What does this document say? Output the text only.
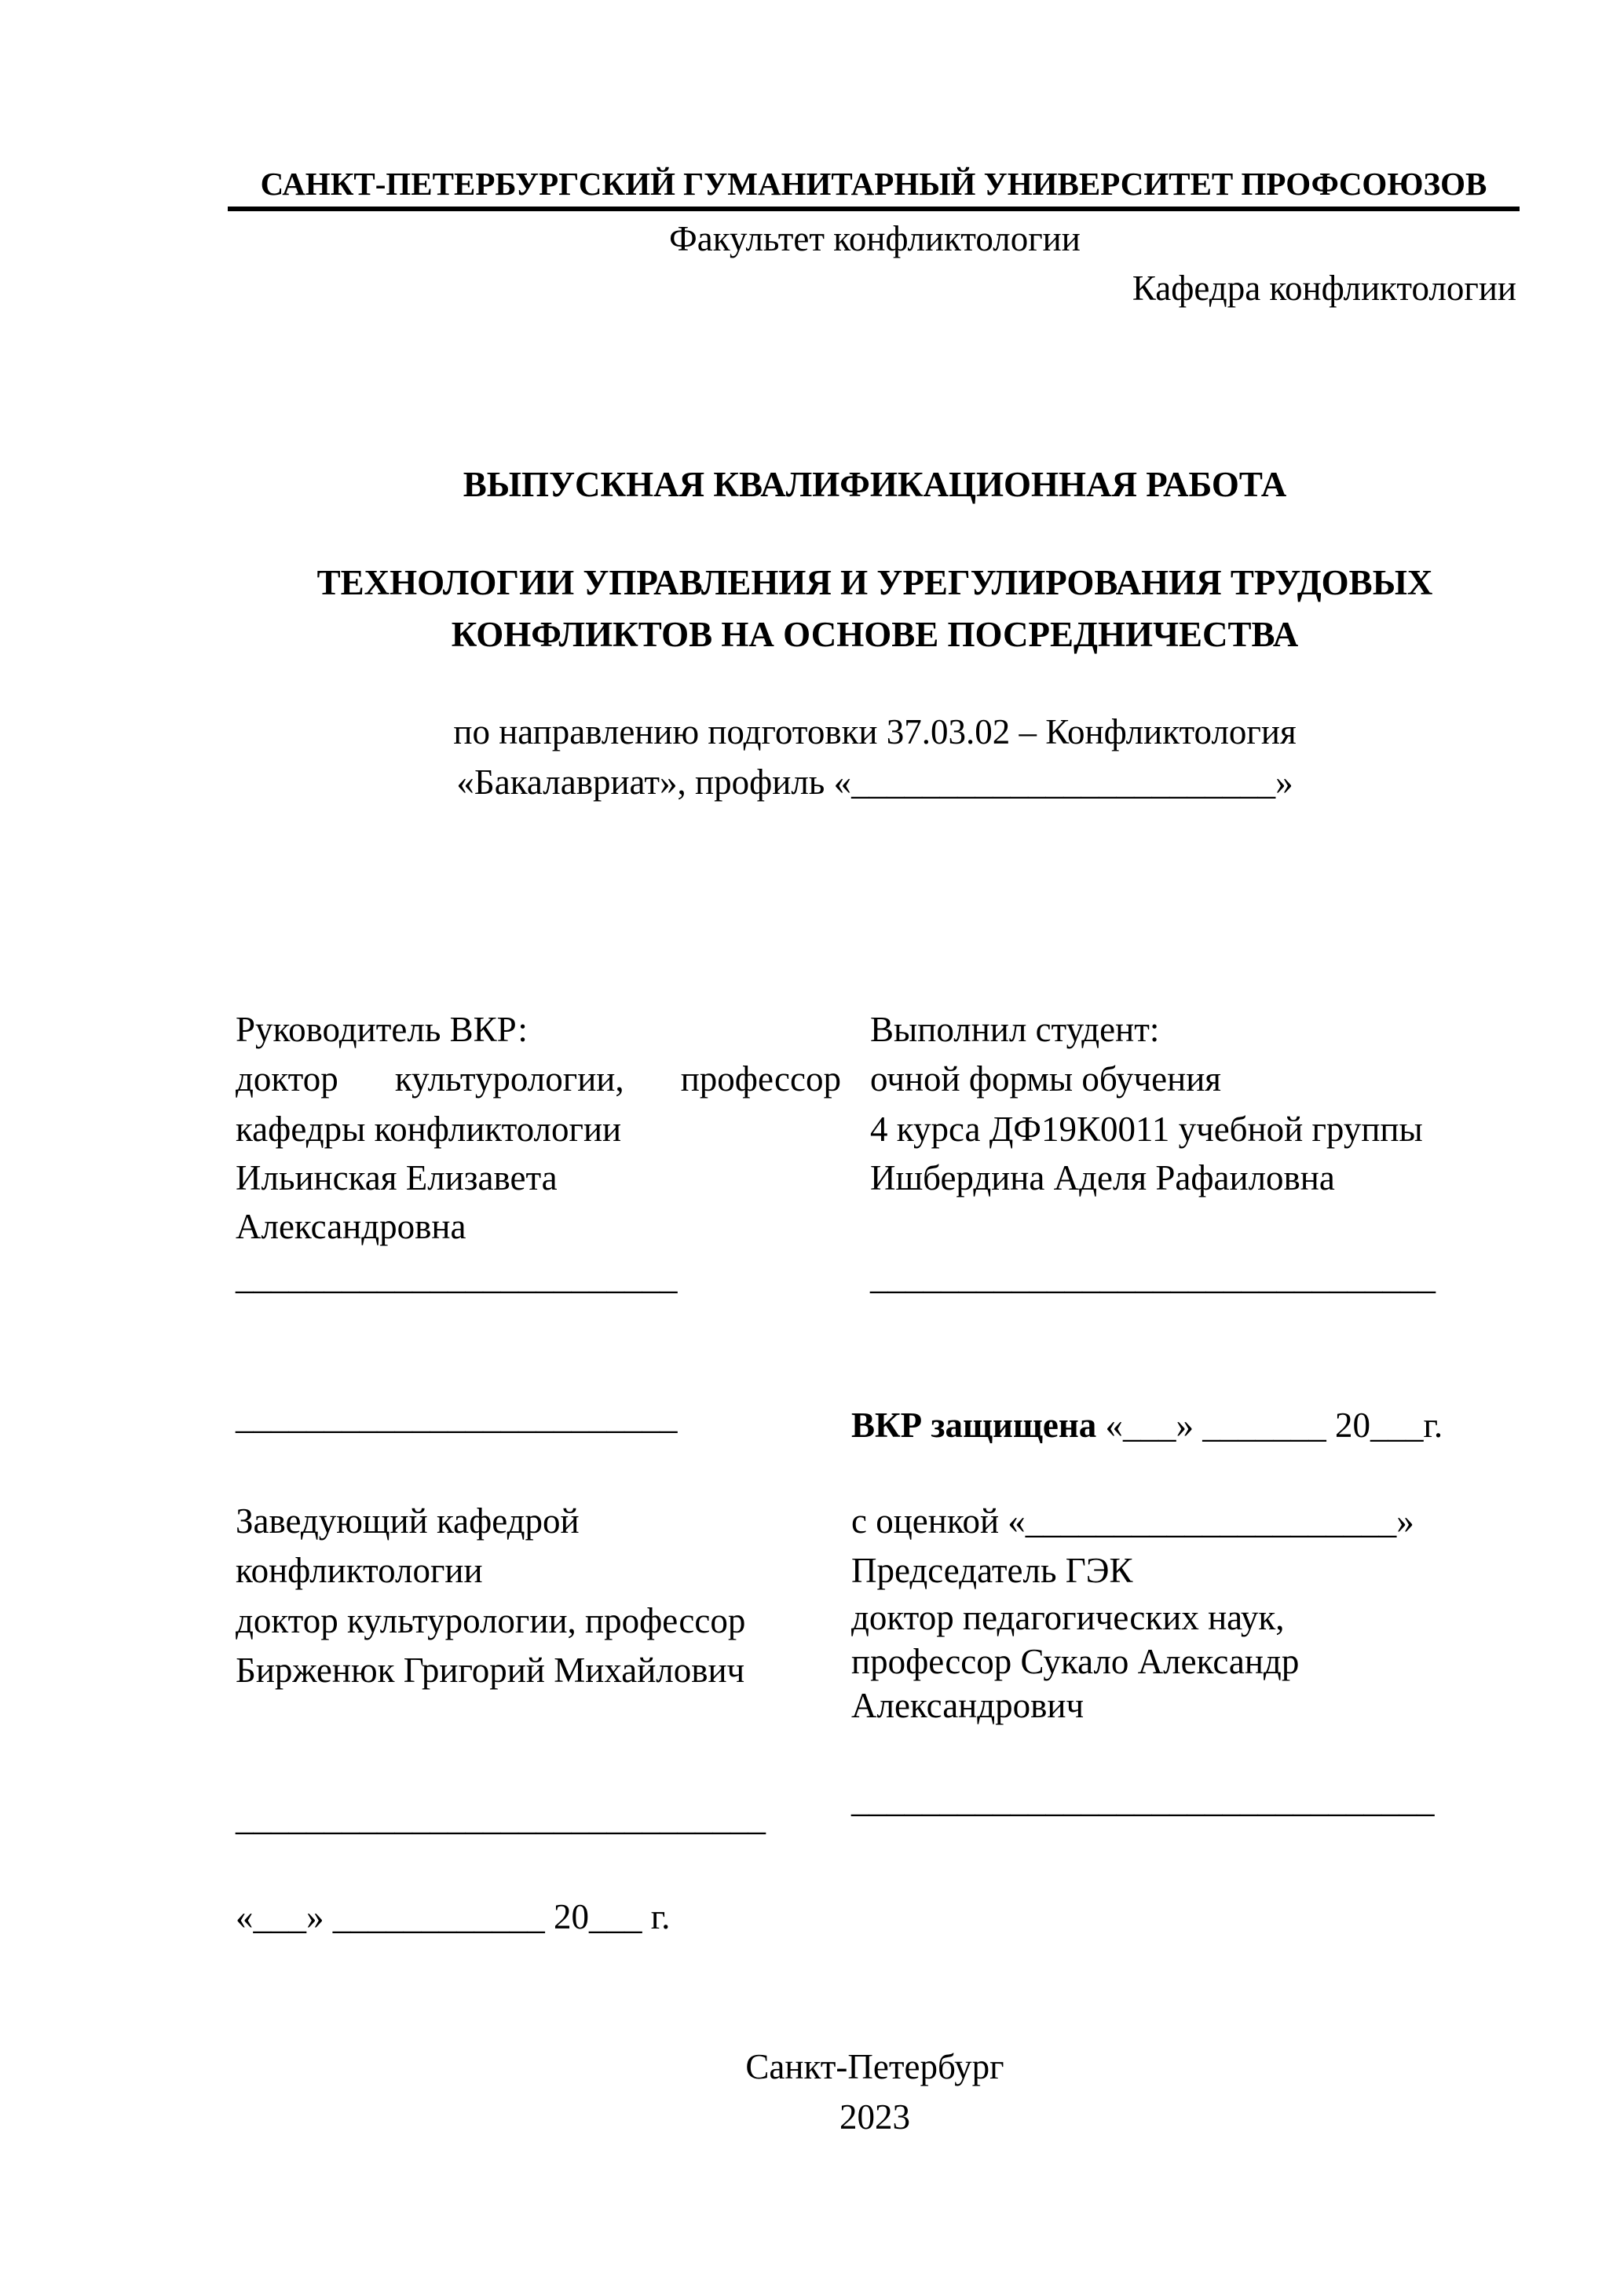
САНКТ-ПЕТЕРБУРГСКИЙ ГУМАНИТАРНЫЙ УНИВЕРСИТЕТ ПРОФСОЮЗОВ
Факультет конфликтологии
Кафедра конфликтологии
ВЫПУСКНАЯ КВАЛИФИКАЦИОННАЯ РАБОТА
ТЕХНОЛОГИИ УПРАВЛЕНИЯ И УРЕГУЛИРОВАНИЯ ТРУДОВЫХ
КОНФЛИКТОВ НА ОСНОВЕ ПОСРЕДНИЧЕСТВА
по направлению подготовки 37.03.02 – Конфликтология
«Бакалавриат», профиль «________________________»
Руководитель ВКР:
доктор культурологии, профессор
кафедры конфликтологии
Ильинская Елизавета
Александровна
_________________________
_________________________
Выполнил студент:
очной формы обучения
4 курса ДФ19К0011 учебной группы
Ишбердина Аделя Рафаиловна
________________________________
ВКР защищена «___» _______ 20___г.
с оценкой «_____________________»
Председатель ГЭК
доктор педагогических наук,
профессор Сукало Александр
Александрович
_________________________________
Заведующий кафедрой
конфликтологии
доктор культурологии, профессор
Бирженюк Григорий Михайлович
______________________________
«___» ____________ 20___ г.
Санкт-Петербург
2023
